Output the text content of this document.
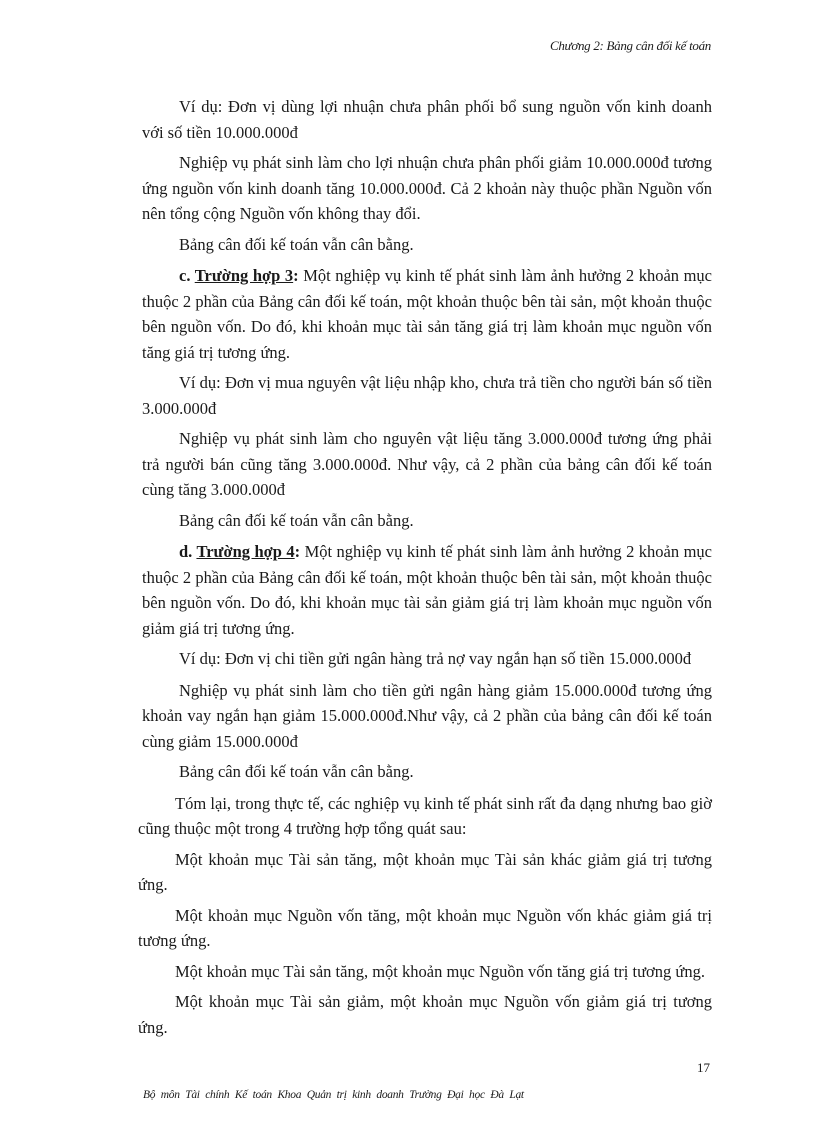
Chương 2: Bảng cân đối kế toán

Ví dụ: Đơn vị dùng lợi nhuận chưa phân phối bổ sung nguồn vốn kinh doanh với số tiền 10.000.000đ

Nghiệp vụ phát sinh làm cho lợi nhuận chưa phân phối giảm 10.000.000đ tương ứng nguồn vốn kinh doanh tăng 10.000.000đ. Cả 2 khoản này thuộc phần Nguồn vốn nên tổng cộng Nguồn vốn không thay đổi.

Bảng cân đối kế toán vẫn cân bằng.

c. Trường hợp 3: Một nghiệp vụ kinh tế phát sinh làm ảnh hưởng 2 khoản mục thuộc 2 phần của Bảng cân đối kế toán, một khoản thuộc bên tài sản, một khoản thuộc bên nguồn vốn. Do đó, khi khoản mục tài sản tăng giá trị làm khoản mục nguồn vốn tăng giá trị tương ứng.

Ví dụ: Đơn vị mua nguyên vật liệu nhập kho, chưa trả tiền cho người bán số tiền 3.000.000đ

Nghiệp vụ phát sinh làm cho nguyên vật liệu tăng 3.000.000đ tương ứng phải trả người bán cũng tăng 3.000.000đ. Như vậy, cả 2 phần của bảng cân đối kế toán cùng tăng 3.000.000đ

Bảng cân đối kế toán vẫn cân bằng.

d. Trường hợp 4: Một nghiệp vụ kinh tế phát sinh làm ảnh hưởng 2 khoản mục thuộc 2 phần của Bảng cân đối kế toán, một khoản thuộc bên tài sản, một khoản thuộc bên nguồn vốn. Do đó, khi khoản mục tài sản giảm giá trị làm khoản mục nguồn vốn giảm giá trị tương ứng.

Ví dụ: Đơn vị chi tiền gửi ngân hàng trả nợ vay ngắn hạn số tiền 15.000.000đ

Nghiệp vụ phát sinh làm cho tiền gửi ngân hàng giảm 15.000.000đ tương ứng khoản vay ngắn hạn giảm 15.000.000đ.Như vậy, cả 2 phần của bảng cân đối kế toán cùng giảm 15.000.000đ

Bảng cân đối kế toán vẫn cân bằng.

Tóm lại, trong thực tế, các nghiệp vụ kinh tế phát sinh rất đa dạng nhưng bao giờ cũng thuộc một trong 4 trường hợp tổng quát sau:

Một khoản mục Tài sản tăng, một khoản mục Tài sản khác giảm giá trị tương ứng.

Một khoản mục Nguồn vốn tăng, một khoản mục Nguồn vốn khác giảm giá trị tương ứng.

Một khoản mục Tài sản tăng, một khoản mục Nguồn vốn tăng giá trị tương ứng.

Một khoản mục Tài sản giảm, một khoản mục Nguồn vốn giảm giá trị tương ứng.

17
Bộ môn Tài chính Kế toán Khoa Quản trị kinh doanh Trường Đại học Đà Lạt
